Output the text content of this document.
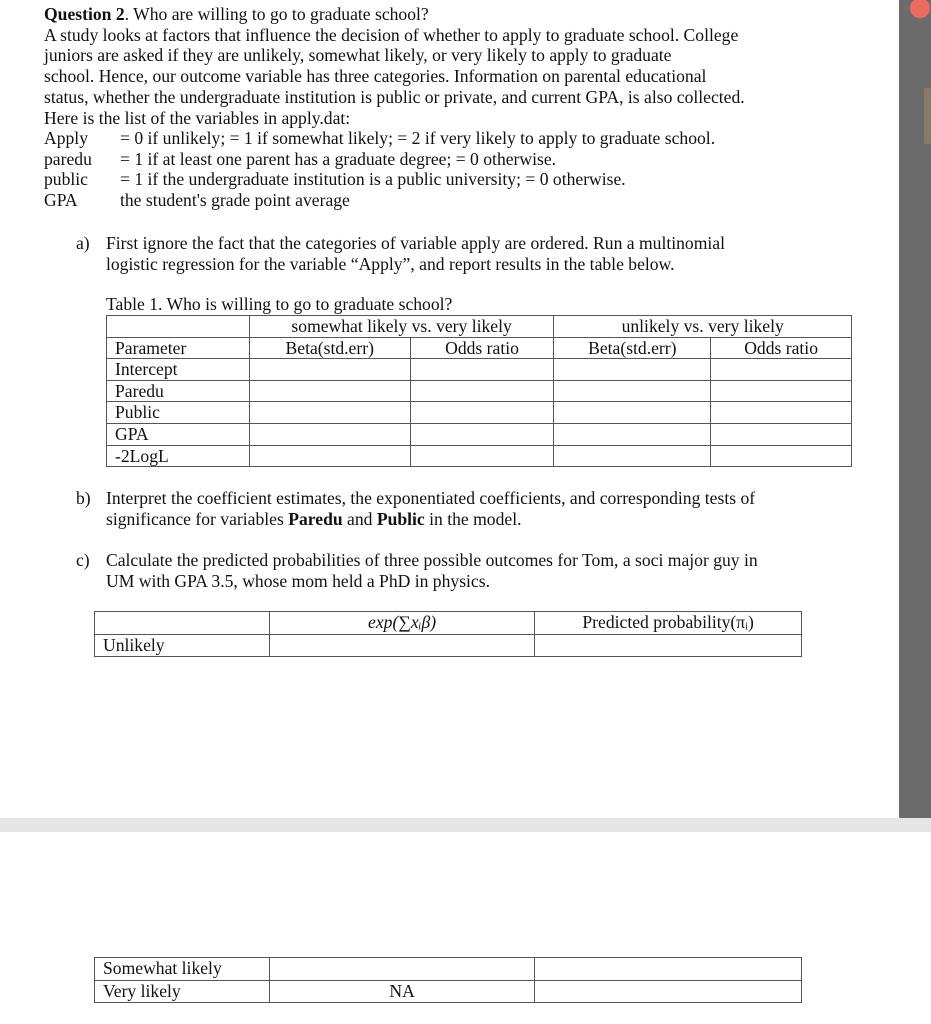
Question 2. Who are willing to go to graduate school?

A study looks at factors that influence the decision of whether to apply to graduate school. College

juniors are asked if they are unlikely, somewhat likely, or very likely to apply to graduate

school. Hence, our outcome variable has three categories. Information on parental educational

status, whether the undergraduate institution is public or private, and current GPA, is also collected.

Here is the list of the variables in apply.dat:

Apply = 0 if unlikely; = 1 if somewhat likely; = 2 if very likely to apply to graduate school.
paredu = 1 if at least one parent has a graduate degree; = 0 otherwise.
public = 1 if the undergraduate institution is a public university; = 0 otherwise.
GPA the student's grade point average
a) First ignore the fact that the categories of variable apply are ordered. Run a multinomial
logistic regression for the variable “Apply”, and report results in the table below.
Table 1. Who is willing to go to graduate school?
	somewhat likely vs. very likely		unlikely vs. very likely	
Parameter	Beta(std.err)	Odds ratio	Beta(std.err)	Odds ratio
Intercept				
Paredu				
Public				
GPA				
-2LogL				
b) Interpret the coefficient estimates, the exponentiated coefficients, and corresponding tests of
significance for variables Paredu and Public in the model.
c) Calculate the predicted probabilities of three possible outcomes for Tom, a soci major guy in
UM with GPA 3.5, whose mom held a PhD in physics.
	exp(∑xᵢβ)	Predicted probability(πᵢ)
Unlikely		
Somewhat likely		
Very likely	NA	
